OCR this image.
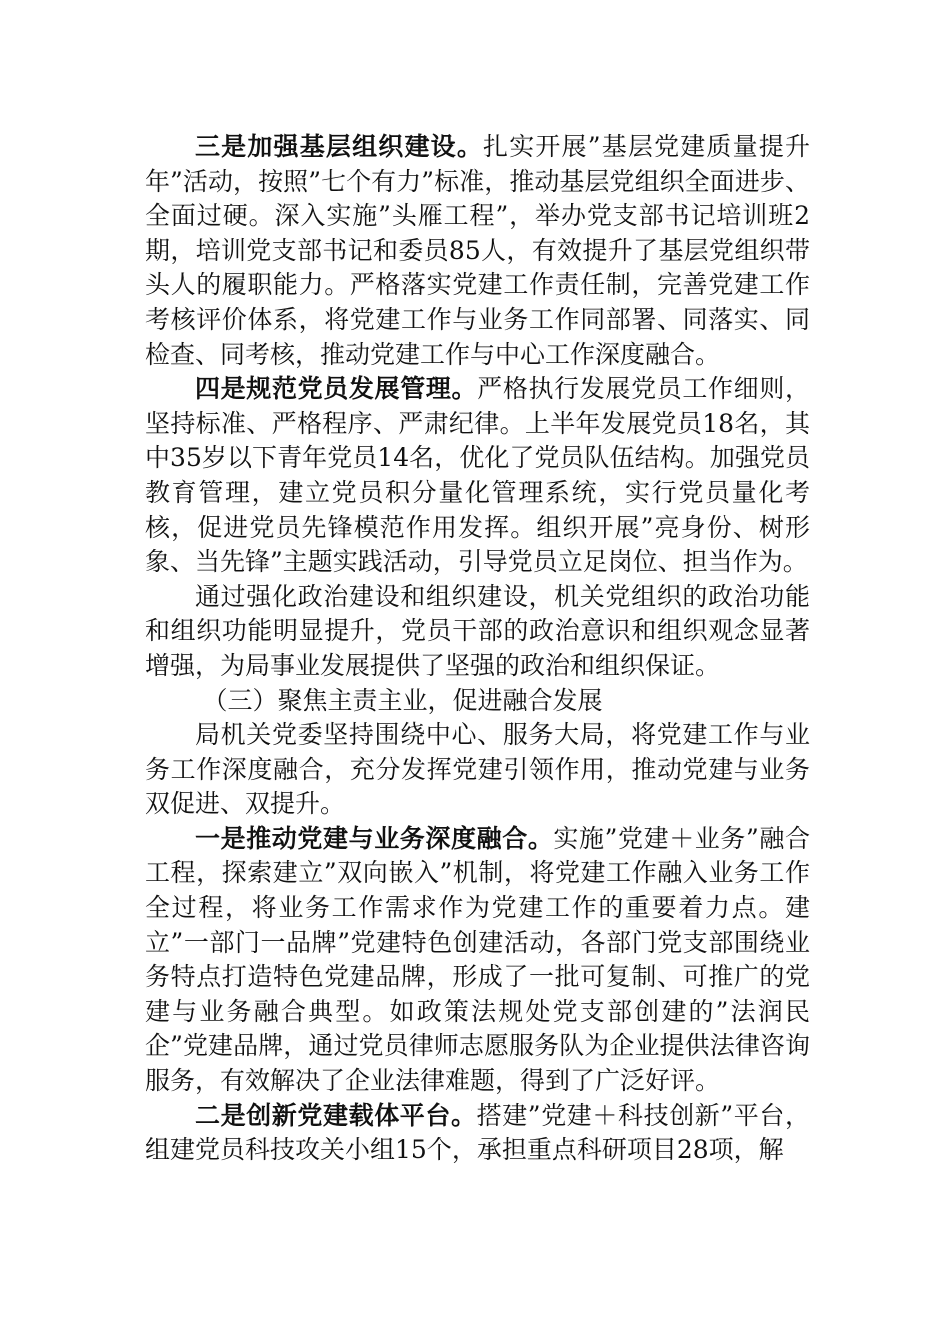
三是加强基层组织建设。扎实开展”基层党建质量提升年”活动，按照”七个有力”标准，推动基层党组织全面进步、全面过硬。深入实施”头雁工程”，举办党支部书记培训班2期，培训党支部书记和委员85人，有效提升了基层党组织带头人的履职能力。严格落实党建工作责任制，完善党建工作考核评价体系，将党建工作与业务工作同部署、同落实、同检查、同考核，推动党建工作与中心工作深度融合。

四是规范党员发展管理。严格执行发展党员工作细则，坚持标准、严格程序、严肃纪律。上半年发展党员18名，其中35岁以下青年党员14名，优化了党员队伍结构。加强党员教育管理，建立党员积分量化管理系统，实行党员量化考核，促进党员先锋模范作用发挥。组织开展”亮身份、树形象、当先锋”主题实践活动，引导党员立足岗位、担当作为。

通过强化政治建设和组织建设，机关党组织的政治功能和组织功能明显提升，党员干部的政治意识和组织观念显著增强，为局事业发展提供了坚强的政治和组织保证。

（三）聚焦主责主业，促进融合发展

局机关党委坚持围绕中心、服务大局，将党建工作与业务工作深度融合，充分发挥党建引领作用，推动党建与业务双促进、双提升。

一是推动党建与业务深度融合。实施”党建＋业务”融合工程，探索建立”双向嵌入”机制，将党建工作融入业务工作全过程，将业务工作需求作为党建工作的重要着力点。建立”一部门一品牌”党建特色创建活动，各部门党支部围绕业务特点打造特色党建品牌，形成了一批可复制、可推广的党建与业务融合典型。如政策法规处党支部创建的”法润民企”党建品牌，通过党员律师志愿服务队为企业提供法律咨询服务，有效解决了企业法律难题，得到了广泛好评。

二是创新党建载体平台。搭建”党建＋科技创新”平台，组建党员科技攻关小组15个，承担重点科研项目28项，解
